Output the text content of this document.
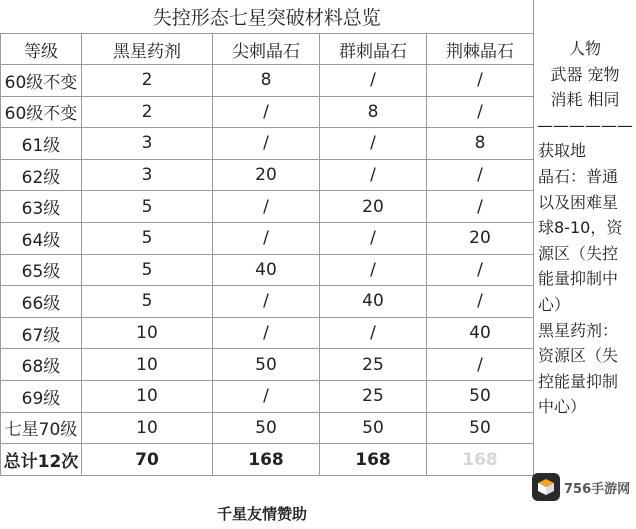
失控形态七星突破材料总览				
等级	黑星药剂	尖刺晶石	群刺晶石	荆棘晶石
60级不变	2	8	/	/
60级不变	2	/	8	/
61级	3	/	/	8
62级	3	20	/	/
63级	5	/	20	/
64级	5	/	/	20
65级	5	40	/	/
66级	5	/	40	/
67级	10	/	/	40
68级	10	50	25	/
69级	10	/	25	50
七星70级	10	50	50	50
总计12次	70	168	168	168
人物
武器 宠物
消耗 相同
——————
获取地
晶石：普通
以及困难星
球8-10，资
源区（失控
能量抑制中
心）
黑星药剂：
资源区（失
控能量抑制
中心）
千星友情赞助
756手游网
